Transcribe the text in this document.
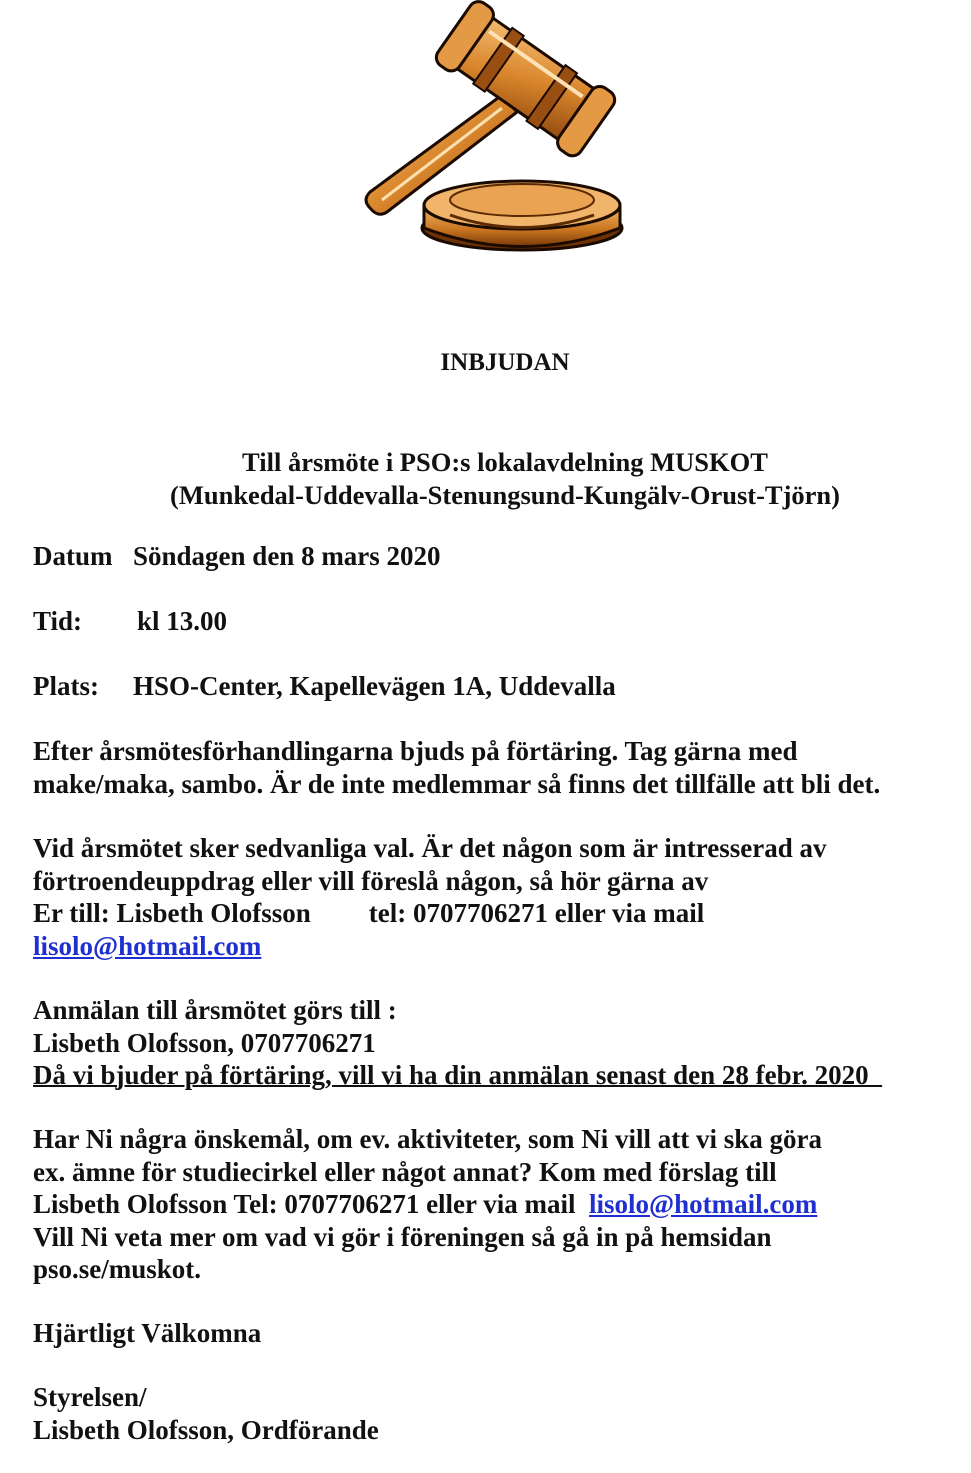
INBJUDAN
Till årsmöte i PSO:s lokalavdelning MUSKOT
(Munkedal-Uddevalla-Stenungsund-Kungälv-Orust-Tjörn)
Datum Söndagen den 8 mars 2020
Tid: kl 13.00
Plats: HSO-Center, Kapellevägen 1A, Uddevalla
Efter årsmötesförhandlingarna bjuds på förtäring. Tag gärna med
make/maka, sambo. Är de inte medlemmar så finns det tillfälle att bli det.
Vid årsmötet sker sedvanliga val. Är det någon som är intresserad av
förtroendeuppdrag eller vill föreslå någon, så hör gärna av
Er till: Lisbeth Olofsson tel: 0707706271 eller via mail
lisolo@hotmail.com
Anmälan till årsmötet görs till :
Lisbeth Olofsson, 0707706271
Då vi bjuder på förtäring, vill vi ha din anmälan senast den 28 febr. 2020
Har Ni några önskemål, om ev. aktiviteter, som Ni vill att vi ska göra
ex. ämne för studiecirkel eller något annat? Kom med förslag till
Lisbeth Olofsson Tel: 0707706271 eller via mail lisolo@hotmail.com
Vill Ni veta mer om vad vi gör i föreningen så gå in på hemsidan
pso.se/muskot.
Hjärtligt Välkomna
Styrelsen/
Lisbeth Olofsson, Ordförande
